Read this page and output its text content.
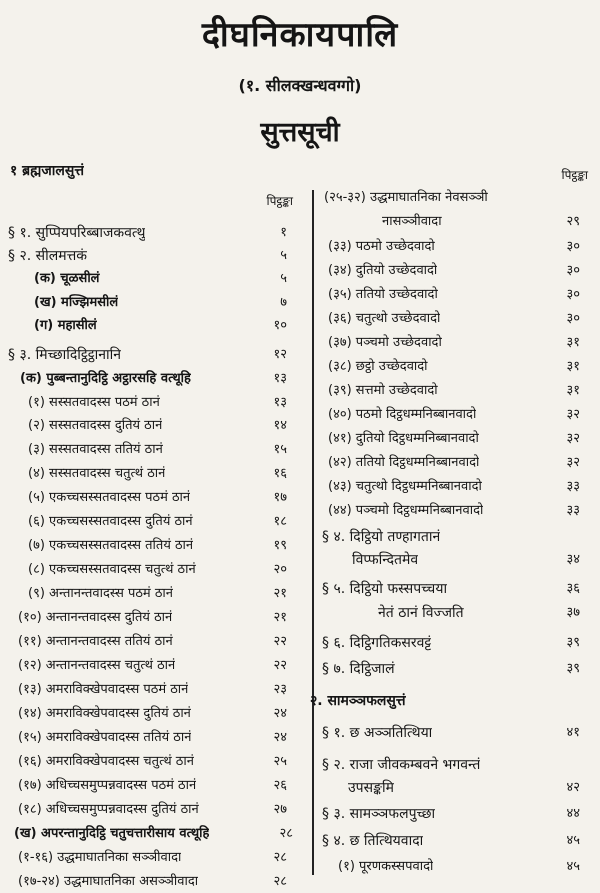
दीघनिकायपालि
(१. सीलक्खन्धवग्गो)
सुत्तसूची
१ ब्रह्मजालसुत्तं
पिट्ठङ्का
§ १. सुप्पियपरिब्बाजकवत्थु	१
§ २. सीलमत्तकं	५
(क) चूळसीलं	५
(ख) मज्झिमसीलं	७
(ग) महासीलं	१०
§ ३. मिच्छादिट्ठिट्ठानानि	१२
(क) पुब्बन्तानुदिट्ठि अट्ठारसहि वत्थूहि	१३
(१) सस्सतवादस्स पठमं ठानं	१३
(२) सस्सतवादस्स दुतियं ठानं	१४
(३) सस्सतवादस्स ततियं ठानं	१५
(४) सस्सतवादस्स चतुत्थं ठानं	१६
(५) एकच्चसस्सतवादस्स पठमं ठानं	१७
(६) एकच्चसस्सतवादस्स दुतियं ठानं	१८
(७) एकच्चसस्सतवादस्स ततियं ठानं	१९
(८) एकच्चसस्सतवादस्स चतुत्थं ठानं	२०
(९) अन्तानन्तवादस्स पठमं ठानं	२१
(१०) अन्तानन्तवादस्स दुतियं ठानं	२१
(११) अन्तानन्तवादस्स ततियं ठानं	२२
(१२) अन्तानन्तवादस्स चतुत्थं ठानं	२२
(१३) अमराविक्खेपवादस्स पठमं ठानं	२३
(१४) अमराविक्खेपवादस्स दुतियं ठानं	२४
(१५) अमराविक्खेपवादस्स ततियं ठानं	२४
(१६) अमराविक्खेपवादस्स चतुत्थं ठानं	२५
(१७) अधिच्चसमुप्पन्नवादस्स पठमं ठानं	२६
(१८) अधिच्चसमुप्पन्नवादस्स दुतियं ठानं	२७
(ख) अपरन्तानुदिट्ठि चतुचत्तारीसाय वत्थूहि	२८
(१-१६) उद्धमाघातनिका सञ्ञीवादा	२८
(१७-२४) उद्धमाघातनिका असञ्ञीवादा	२८
पिट्ठङ्का
(२५-३२) उद्धमाघातनिका नेवसञ्ञी
नासञ्ञीवादा	२९
(३३) पठमो उच्छेदवादो	३०
(३४) दुतियो उच्छेदवादो	३०
(३५) ततियो उच्छेदवादो	३०
(३६) चतुत्थो उच्छेदवादो	३०
(३७) पञ्चमो उच्छेदवादो	३१
(३८) छट्ठो उच्छेदवादो	३१
(३९) सत्तमो उच्छेदवादो	३१
(४०) पठमो दिट्ठधम्मनिब्बानवादो	३२
(४१) दुतियो दिट्ठधम्मनिब्बानवादो	३२
(४२) ततियो दिट्ठधम्मनिब्बानवादो	३२
(४३) चतुत्थो दिट्ठधम्मनिब्बानवादो	३३
(४४) पञ्चमो दिट्ठधम्मनिब्बानवादो	३३
§ ४. दिट्ठियो तण्हागतानं
विप्फन्दितमेव	३४
§ ५. दिट्ठियो फस्सपच्चया	३६
नेतं ठानं विज्जति	३७
§ ६. दिट्ठिगतिकसरवट्टं	३९
§ ७. दिट्ठिजालं	३९
२. सामञ्ञफलसुत्तं
§ १. छ अञ्ञतित्थिया	४१
§ २. राजा जीवकम्बवने भगवन्तं
उपसङ्कमि	४२
§ ३. सामञ्ञफलपुच्छा	४४
§ ४. छ तित्थियवादा	४५
(१) पूरणकस्सपवादो	४५
